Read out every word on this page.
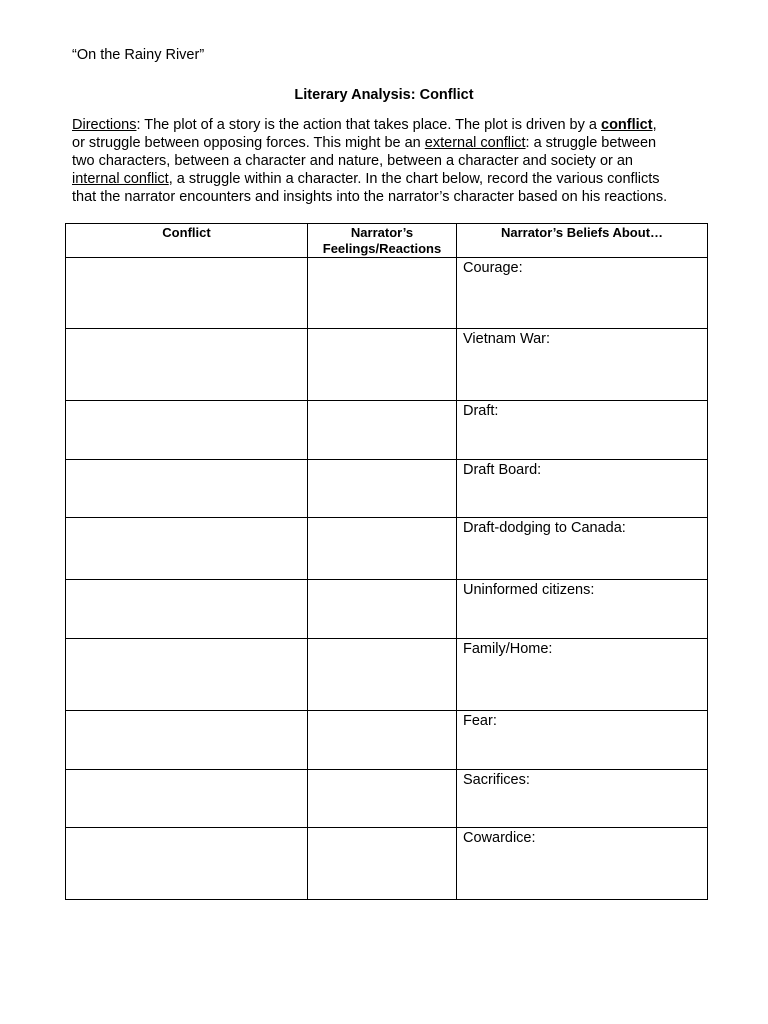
“On the Rainy River”
Literary Analysis: Conflict
Directions: The plot of a story is the action that takes place. The plot is driven by a conflict,
or struggle between opposing forces. This might be an external conflict: a struggle between
two characters, between a character and nature, between a character and society or an
internal conflict, a struggle within a character. In the chart below, record the various conflicts
that the narrator encounters and insights into the narrator’s character based on his reactions.
Conflict	Narrator’s
Feelings/Reactions	Narrator’s Beliefs About…
		Courage:
		Vietnam War:
		Draft:
		Draft Board:
		Draft-dodging to Canada:
		Uninformed citizens:
		Family/Home:
		Fear:
		Sacrifices:
		Cowardice:
